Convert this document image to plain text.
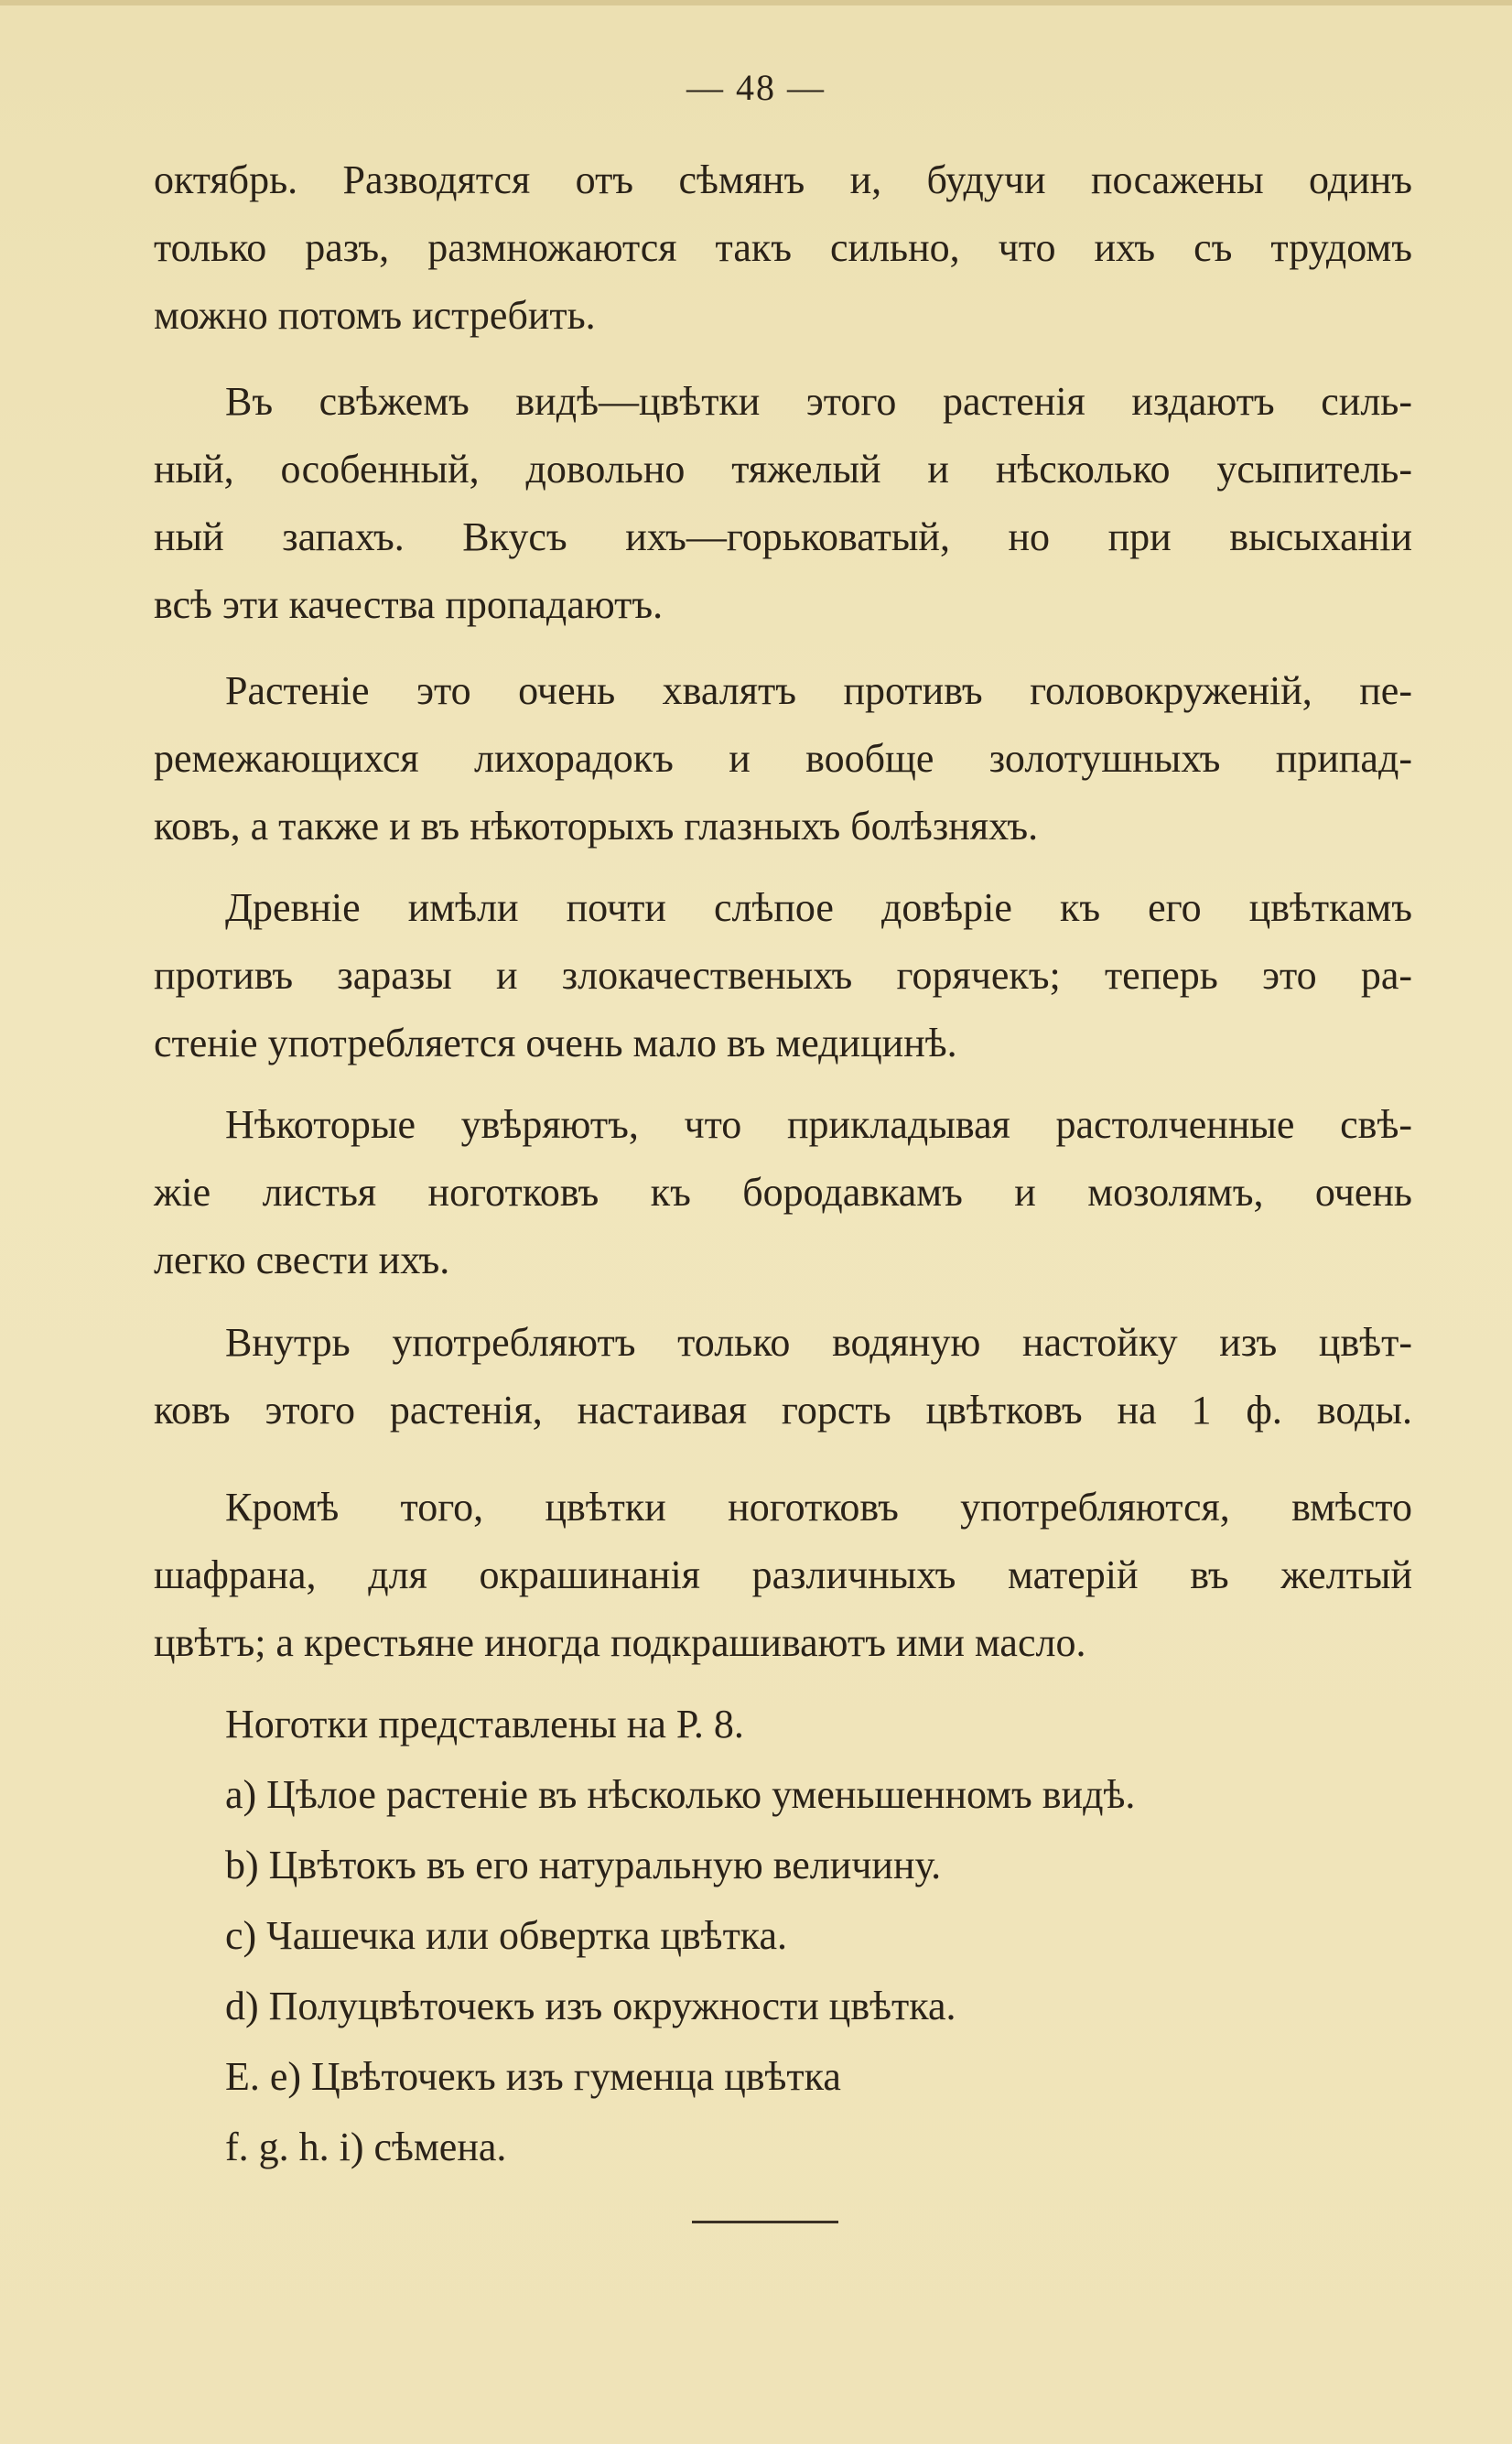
— 48 —
октябрь. Разводятся отъ сѣмянъ и, будучи посажены одинъ
только разъ, размножаются такъ сильно, что ихъ съ трудомъ
можно потомъ истребить.
Въ свѣжемъ видѣ—цвѣтки этого растенія издаютъ силь-
ный, особенный, довольно тяжелый и нѣсколько усыпитель-
ный запахъ. Вкусъ ихъ—горьковатый, но при высыханіи
всѣ эти качества пропадаютъ.
Растеніе это очень хвалятъ противъ головокруженій, пе-
ремежающихся лихорадокъ и вообще золотушныхъ припад-
ковъ, а также и въ нѣкоторыхъ глазныхъ болѣзняхъ.
Древніе имѣли почти слѣпое довѣріе къ его цвѣткамъ
противъ заразы и злокачественыхъ горячекъ; теперь это ра-
стеніе употребляется очень мало въ медицинѣ.
Нѣкоторые увѣряютъ, что прикладывая растолченные свѣ-
жіе листья ноготковъ къ бородавкамъ и мозолямъ, очень
легко свести ихъ.
Внутрь употребляютъ только водяную настойку изъ цвѣт-
ковъ этого растенія, настаивая горсть цвѣтковъ на 1 ф. воды.
Кромѣ того, цвѣтки ноготковъ употребляются, вмѣсто
шафрана, для окрашинанія различныхъ матерій въ желтый
цвѣтъ; а крестьяне иногда подкрашиваютъ ими масло.
Ноготки представлены на Р. 8.
a) Цѣлое растеніе въ нѣсколько уменьшенномъ видѣ.
b) Цвѣтокъ въ его натуральную величину.
c) Чашечка или обвертка цвѣтка.
d) Полуцвѣточекъ изъ окружности цвѣтка.
E. e) Цвѣточекъ изъ гуменца цвѣтка
f. g. h. i) сѣмена.
